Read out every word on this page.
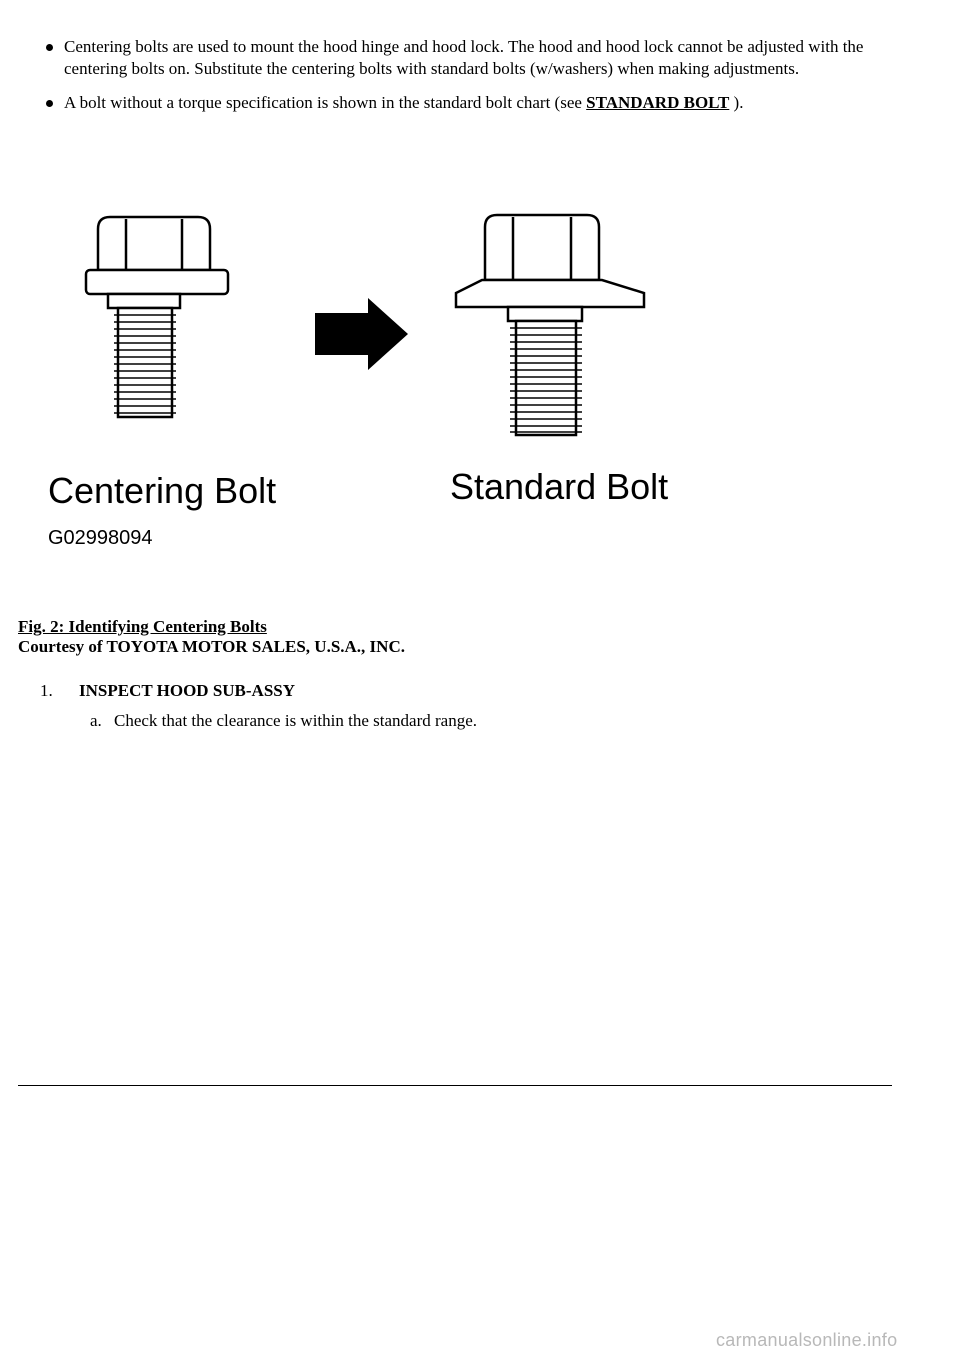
Centering bolts are used to mount the hood hinge and hood lock. The hood and hood lock cannot be adjusted with the centering bolts on. Substitute the centering bolts with standard bolts (w/washers) when making adjustments.
A bolt without a torque specification is shown in the standard bolt chart (see STANDARD BOLT ).
Centering Bolt	Standard Bolt
G02998094
Fig. 2: Identifying Centering Bolts
Courtesy of TOYOTA MOTOR SALES, U.S.A., INC.
1. INSPECT HOOD SUB-ASSY
a. Check that the clearance is within the standard range.
carmanualsonline.info
